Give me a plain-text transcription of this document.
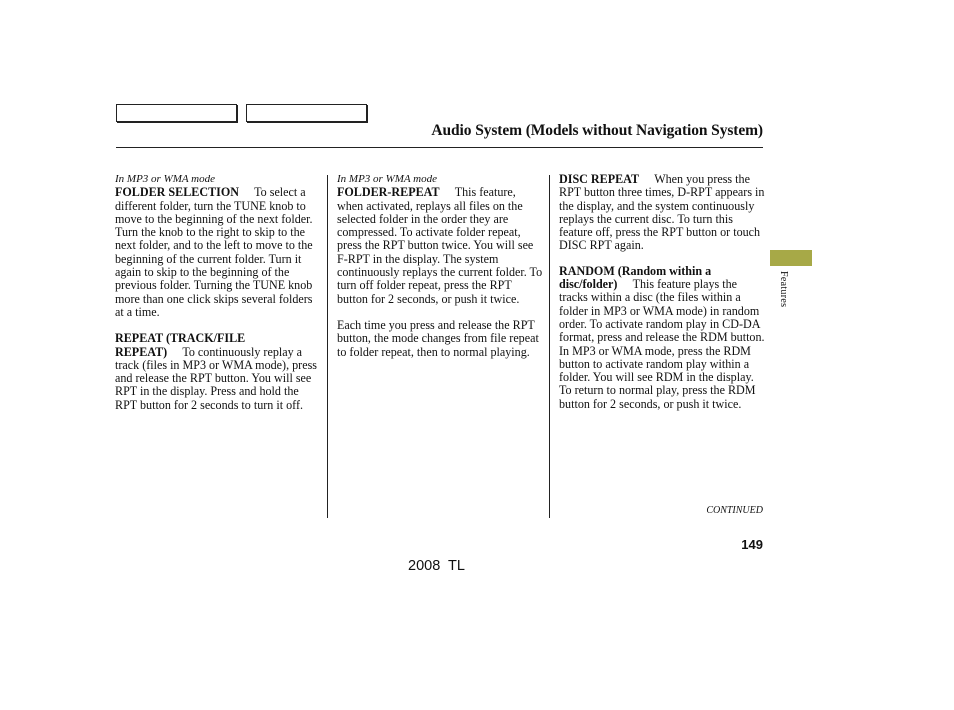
Audio System (Models without Navigation System)
In MP3 or WMA mode

FOLDER SELECTION To select a different folder, turn the TUNE knob to move to the beginning of the next folder. Turn the knob to the right to skip to the next folder, and to the left to move to the beginning of the current folder. Turn it again to skip to the beginning of the previous folder. Turning the TUNE knob more than one click skips several folders at a time.

REPEAT (TRACK/FILE REPEAT) To continuously replay a track (files in MP3 or WMA mode), press and release the RPT button. You will see RPT in the display. Press and hold the RPT button for 2 seconds to turn it off.

In MP3 or WMA mode

FOLDER-REPEAT This feature, when activated, replays all files on the selected folder in the order they are compressed. To activate folder repeat, press the RPT button twice. You will see F-RPT in the display. The system continuously replays the current folder. To turn off folder repeat, press the RPT button for 2 seconds, or push it twice.

Each time you press and release the RPT button, the mode changes from file repeat to folder repeat, then to normal playing.

DISC REPEAT When you press the RPT button three times, D-RPT appears in the display, and the system continuously replays the current disc. To turn this feature off, press the RPT button or touch DISC RPT again.

RANDOM (Random within a disc/folder) This feature plays the tracks within a disc (the files within a folder in MP3 or WMA mode) in random order. To activate random play in CD-DA format, press and release the RDM button. In MP3 or WMA mode, press the RDM button to activate random play within a folder. You will see RDM in the display. To return to normal play, press the RDM button for 2 seconds, or push it twice.

Features
CONTINUED
149
2008  TL
